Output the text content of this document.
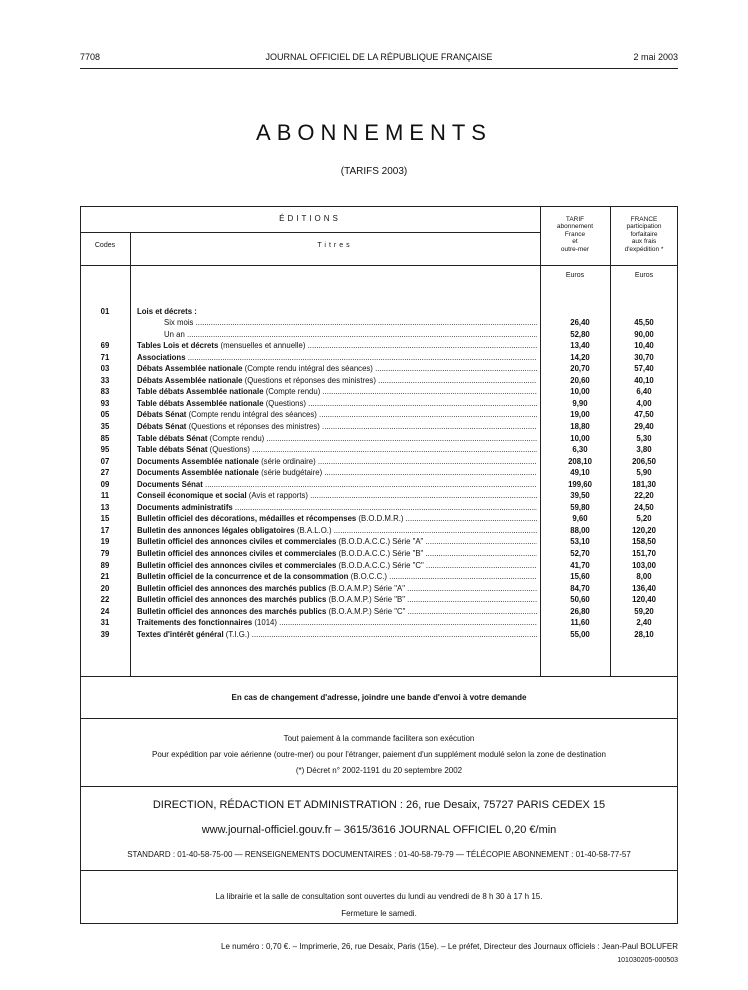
7708	JOURNAL OFFICIEL DE LA RÉPUBLIQUE FRANÇAISE	2 mai 2003
ABONNEMENTS
(TARIFS 2003)
ÉDITIONS
Codes	Titres
TARIF
abonnement
France
et
outre-mer
FRANCE
participation
forfaitaire
aux frais
d'expédition *
Euros	Euros
01	Lois et décrets :
Six mois .....	26,40	45,50
Un an .....	52,80	90,00
69	Tables Lois et décrets (mensuelles et annuelle) .....	13,40	10,40
71	Associations .....	14,20	30,70
03	Débats Assemblée nationale (Compte rendu intégral des séances) .....	20,70	57,40
33	Débats Assemblée nationale (Questions et réponses des ministres) .....	20,60	40,10
83	Table débats Assemblée nationale (Compte rendu) .....	10,00	6,40
93	Table débats Assemblée nationale (Questions) .....	9,90	4,00
05	Débats Sénat (Compte rendu intégral des séances) .....	19,00	47,50
35	Débats Sénat (Questions et réponses des ministres) .....	18,80	29,40
85	Table débats Sénat (Compte rendu) .....	10,00	5,30
95	Table débats Sénat (Questions) .....	6,30	3,80
07	Documents Assemblée nationale (série ordinaire) .....	208,10	206,50
27	Documents Assemblée nationale (série budgétaire) .....	49,10	5,90
09	Documents Sénat .....	199,60	181,30
11	Conseil économique et social (Avis et rapports) .....	39,50	22,20
13	Documents administratifs .....	59,80	24,50
15	Bulletin officiel des décorations, médailles et récompenses (B.O.D.M.R.) .....	9,60	5,20
17	Bulletin des annonces légales obligatoires (B.A.L.O.) .....	88,00	120,20
19	Bulletin officiel des annonces civiles et commerciales (B.O.D.A.C.C.) Série "A" .....	53,10	158,50
79	Bulletin officiel des annonces civiles et commerciales (B.O.D.A.C.C.) Série "B" .....	52,70	151,70
89	Bulletin officiel des annonces civiles et commerciales (B.O.D.A.C.C.) Série "C" .....	41,70	103,00
21	Bulletin officiel de la concurrence et de la consommation (B.O.C.C.) .....	15,60	8,00
20	Bulletin officiel des annonces des marchés publics (B.O.A.M.P.) Série "A" .....	84,70	136,40
22	Bulletin officiel des annonces des marchés publics (B.O.A.M.P.) Série "B" .....	50,60	120,40
24	Bulletin officiel des annonces des marchés publics (B.O.A.M.P.) Série "C" .....	26,80	59,20
31	Traitements des fonctionnaires (1014) .....	11,60	2,40
39	Textes d'intérêt général (T.I.G.) .....	55,00	28,10
En cas de changement d'adresse, joindre une bande d'envoi à votre demande
Tout paiement à la commande facilitera son exécution
Pour expédition par voie aérienne (outre-mer) ou pour l'étranger, paiement d'un supplément modulé selon la zone de destination
(*) Décret n° 2002-1191 du 20 septembre 2002
DIRECTION, RÉDACTION ET ADMINISTRATION : 26, rue Desaix, 75727 PARIS CEDEX 15
www.journal-officiel.gouv.fr – 3615/3616 JOURNAL OFFICIEL 0,20 €/min
STANDARD : 01-40-58-75-00 — RENSEIGNEMENTS DOCUMENTAIRES : 01-40-58-79-79 — TÉLÉCOPIE ABONNEMENT : 01-40-58-77-57
La librairie et la salle de consultation sont ouvertes du lundi au vendredi de 8 h 30 à 17 h 15.
Fermeture le samedi.
Le numéro : 0,70 €. – Imprimerie, 26, rue Desaix, Paris (15e). – Le préfet, Directeur des Journaux officiels : Jean-Paul BOLUFER
101030205-000503
